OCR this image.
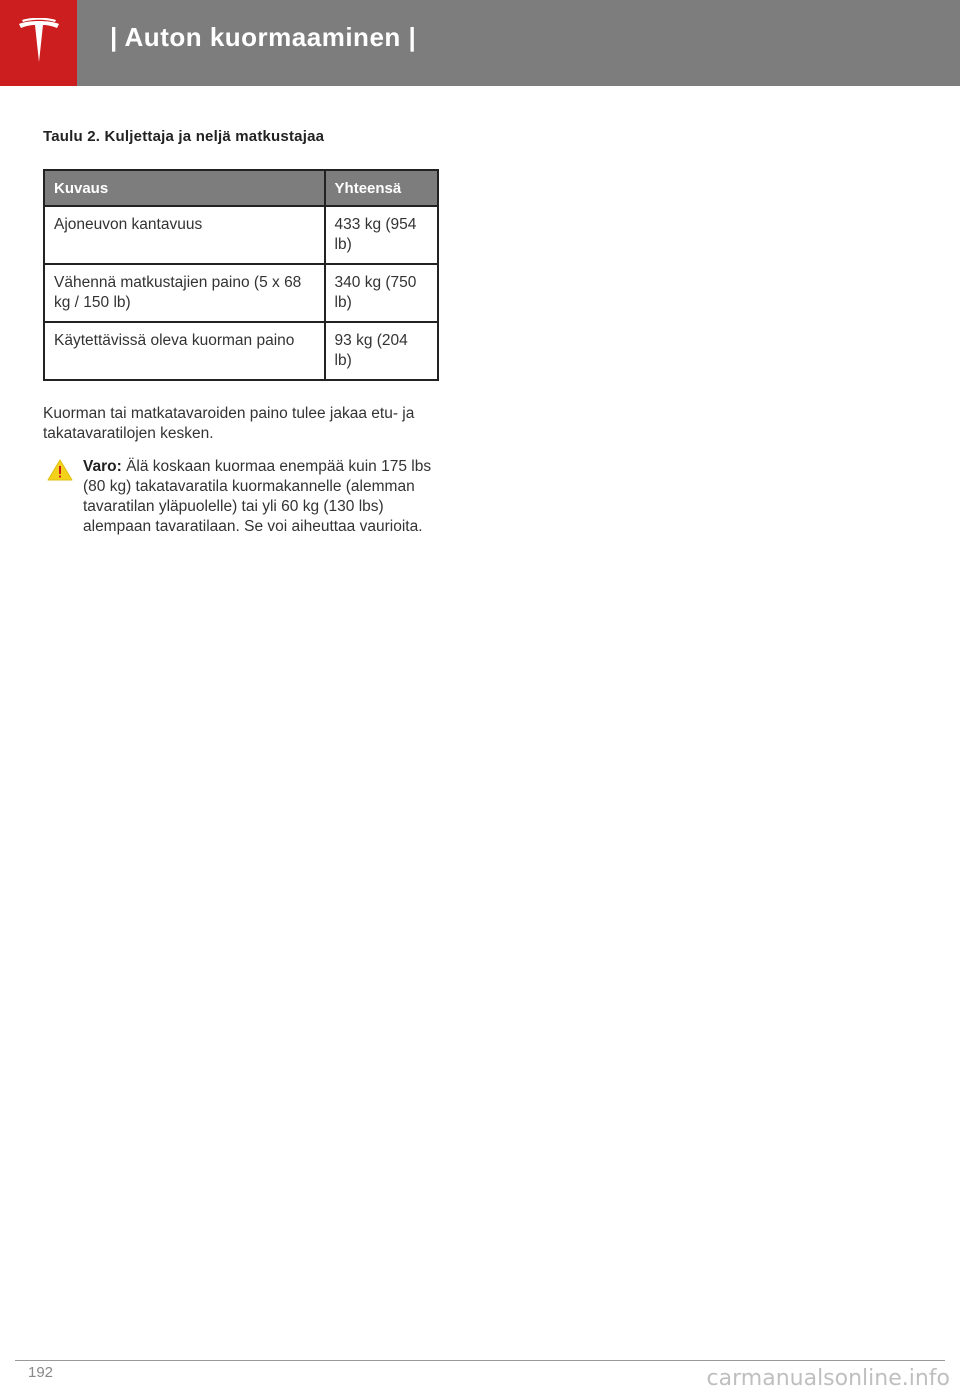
| Auton kuormaaminen |
Taulu 2. Kuljettaja ja neljä matkustajaa
Kuvaus	Yhteensä
Ajoneuvon kantavuus	433 kg (954 lb)
Vähennä matkustajien paino (5 x 68 kg / 150 lb)	340 kg (750 lb)
Käytettävissä oleva kuorman paino	93 kg (204 lb)
Kuorman tai matkatavaroiden paino tulee jakaa etu- ja takatavaratilojen kesken.
Varo: Älä koskaan kuormaa enempää kuin 175 lbs (80 kg) takatavaratila kuormakannelle (alemman tavaratilan yläpuolelle) tai yli 60 kg (130 lbs) alempaan tavaratilaan. Se voi aiheuttaa vaurioita.
192	carmanualsonline.info
